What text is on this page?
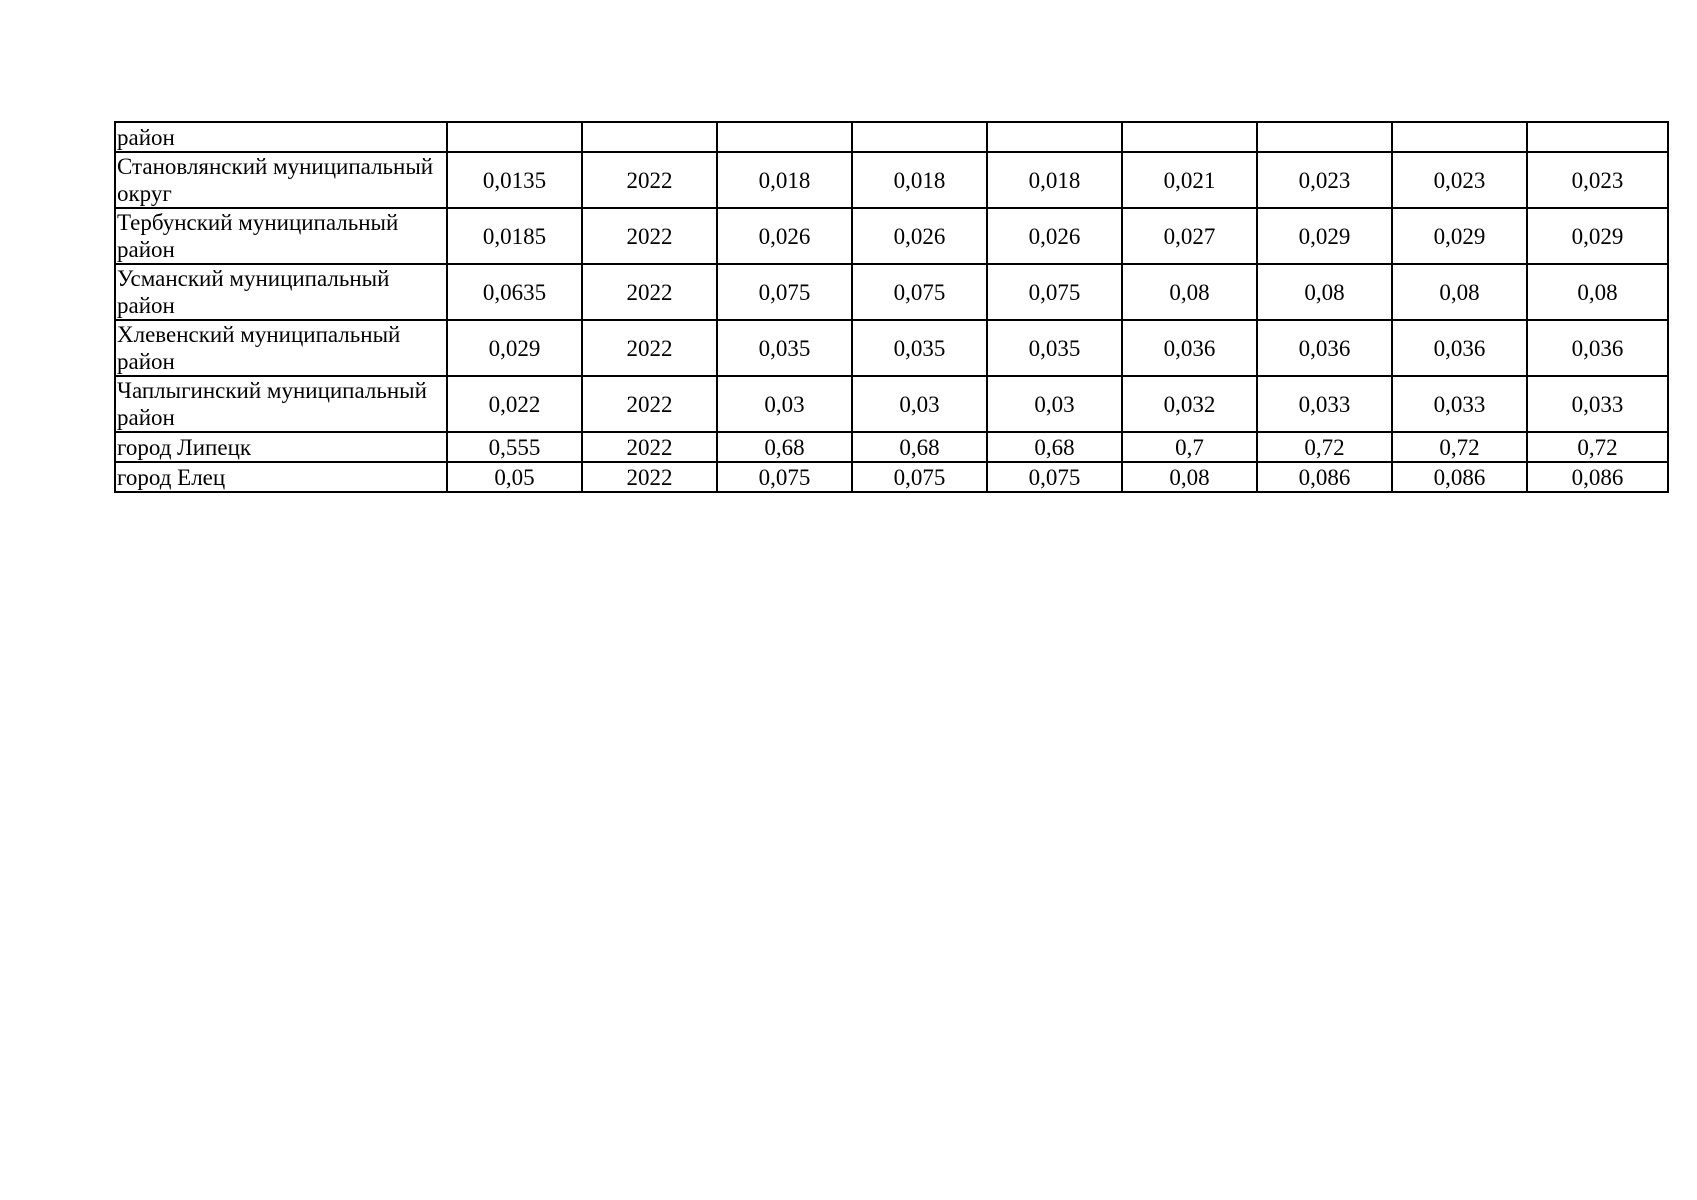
район									
Становлянский муниципальный округ	0,0135	2022	0,018	0,018	0,018	0,021	0,023	0,023	0,023
Тербунский муниципальный район	0,0185	2022	0,026	0,026	0,026	0,027	0,029	0,029	0,029
Усманский муниципальный район	0,0635	2022	0,075	0,075	0,075	0,08	0,08	0,08	0,08
Хлевенский муниципальный район	0,029	2022	0,035	0,035	0,035	0,036	0,036	0,036	0,036
Чаплыгинский муниципальный район	0,022	2022	0,03	0,03	0,03	0,032	0,033	0,033	0,033
город Липецк	0,555	2022	0,68	0,68	0,68	0,7	0,72	0,72	0,72
город Елец	0,05	2022	0,075	0,075	0,075	0,08	0,086	0,086	0,086
